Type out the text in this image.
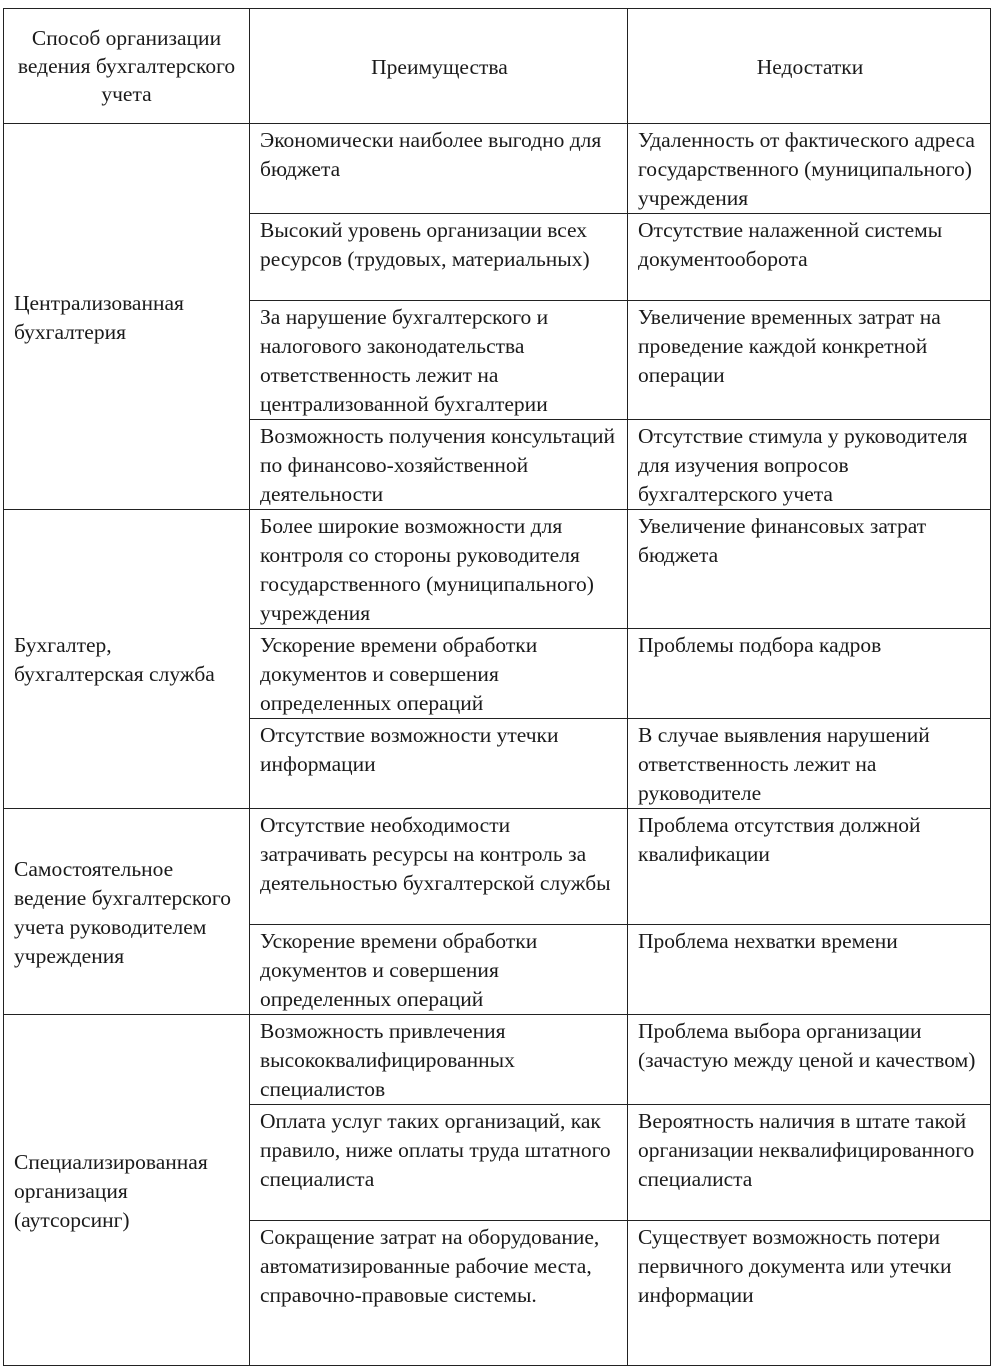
Способ организации ведения бухгалтерского учета	Преимущества	Недостатки
Централизованная бухгалтерия	Экономически наиболее выгодно для бюджета	Удаленность от фактического адреса государственного (муниципального) учреждения
	Высокий уровень организации всех ресурсов (трудовых, материальных)	Отсутствие налаженной системы документооборота
	За нарушение бухгалтерского и налогового законодательства ответственность лежит на централизованной бухгалтерии	Увеличение временных затрат на проведение каждой конкретной операции
	Возможность получения консультаций по финансово-хозяйственной деятельности	Отсутствие стимула у руководителя для изучения вопросов бухгалтерского учета
Бухгалтер, бухгалтерская служба	Более широкие возможности для контроля со стороны руководителя государственного (муниципального) учреждения	Увеличение финансовых затрат бюджета
	Ускорение времени обработки документов и совершения определенных операций	Проблемы подбора кадров
	Отсутствие возможности утечки информации	В случае выявления нарушений ответственность лежит на руководителе
Самостоятельное ведение бухгалтерского учета руководителем учреждения	Отсутствие необходимости затрачивать ресурсы на контроль за деятельностью бухгалтерской службы	Проблема отсутствия должной квалификации
	Ускорение времени обработки документов и совершения определенных операций	Проблема нехватки времени
Специализированная организация (аутсорсинг)	Возможность привлечения высококвалифицированных специалистов	Проблема выбора организации (зачастую между ценой и качеством)
	Оплата услуг таких организаций, как правило, ниже оплаты труда штатного специалиста	Вероятность наличия в штате такой организации неквалифицированного специалиста
	Сокращение затрат на оборудование, автоматизированные рабочие места, справочно-правовые системы.	Существует возможность потери первичного документа или утечки информации
